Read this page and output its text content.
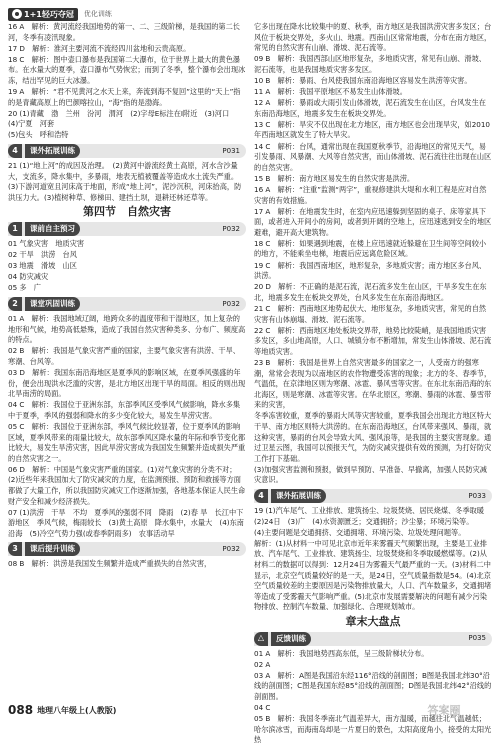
1+1轻巧夺冠 优化训练

16 A　解析：黄河流经我国地势的第一、二、三级阶梯，是我国的第二长河，冬季有凌汛现象。

17 D　解析：淮河主要河流不流经四川盆地和云贵高原。

18 C　解析：图中壶口瀑布是我国第二大瀑布，位于世界上最大的黄色瀑布。在水量大的夏季，壶口瀑布气势恢宏；而到了冬季，整个瀑布会出现冰冻，结出罕见的巨大冰瀑。

19 A　解析：“君不见黄河之水天上来，奔流到海不复回”这里的“天上”指的是青藏高原上的巴颜喀拉山，“海”指的是渤海。

20 (1)青藏　渤　兰州　汾河　渭河　(2)字母E标注在Ⅰ附近　(3)河口　(4)宁夏　河套

(5)包头　呼和浩特

4	课外拓展训练	P031

21 (1)“地上河”的成因及治理。　(2)黄河中游流经黄土高原，河水含沙量大，支流多，降水集中，多暴雨，地表无植被覆盖等造成水土流失严重。(3)下游河道宽且河床高于地面，形成“地上河”，泥沙沉积，河床抬高，防洪压力大。(3)植树种草、修梯田、建挡土坝，退耕还林还草等。

第四节　自然灾害
1	课前自主预习	P032

01 气象灾害　地质灾害

02 干旱　洪涝　台风

03 地震　滑坡　山区

04 防灾减灾

05 多　广

2	课堂巩固训练	P032

01 A　解析：我国地域辽阔，地跨众多的温度带和干湿地区，加上复杂的地形和气候，地势高低悬殊，造成了我国自然灾害种类多、分布广、频度高的特点。

02 B　解析：我国是气象灾害严重的国家，主要气象灾害有洪涝、干旱、寒潮、台风等。

03 D　解析：我国东南沿海地区是夏季风的影响区域，在夏季风强盛的年份，便会出现洪水泛滥的灾害，是北方地区出现干旱的局面。相反的则出现北旱南涝的局面。

04 C　解析：我国位于亚洲东部，东部季风区受季风气候影响，降水多集中于夏季，季风的强弱和降水的多少变化较大，易发生旱涝灾害。

05 C　解析：我国位于亚洲东部，季风气候比较显著，位于夏季风的影响区域，夏季风带来的雨量比较大，故东部季风区降水量的年际和季节变化都比较大，易发生旱涝灾害，因此旱涝灾害成为我国发生频繁并造成损失严重的自然灾害之一。

06 D　解析：中国是气象灾害严重的国家。(1)对气象灾害的分类不对；(2)近些年来我国加大了防灾减灾的力度，在监测预报、预防和救援等方面都做了大量工作，所以我国防灾减灾工作逐渐加强，各地基本保证人民生命财产安全和减少经济损失。

07 (1)洪涝　干旱　不均　夏季风的强弱不同　降雨　(2)春 旱　长江中下游地区　季风气候，梅雨较长　(3)黄土高原　降水集中，水量大　(4)东南沿海　(5)冷空气势力强(或春季阴雨多)　农事活动早

3	课后提升训练	P032

08 B　解析：洪涝是我国发生频繁并造成严重损失的自然灾害，

它多出现在降水比较集中的夏、秋季，南方地区是我国洪涝灾害多发区；台风位于板块交界处，多火山、地震。西南山区常常地震，分布在南方地区，常见的自然灾害有山崩、滑坡、泥石流等。

09 B　解析：我国西部山区地形复杂，多地质灾害，常见有山崩、滑坡、泥石流等，也是我国地质灾害多发区。

10 B　解析：暴雨、台风使我国东南沿海地区容易发生洪涝等灾害。

11 A　解析：我国平原地区不易发生山体滑坡。

12 A　解析：暴雨或大雨引发山体滑坡，泥石流发生在山区，台风发生在东南沿海地区，地震多发生在板块交界处。

13 C　解析：旱灾不仅出现在北方地区，南方地区也会出现旱灾，如2010年西南地区就发生了特大旱灾。

14 C　解析：台风，通常出现在我国夏秋季节，沿海地区的常见天气，易引发暴雨、风暴潮、大风等自然灾害，而山体滑坡、泥石流往往出现在山区的自然灾害。

15 B　解析：南方地区易发生的自然灾害是洪涝。

16 A　解析：“注重”监测“两字”，重视修建洪大堤和水利工程是应对自然灾害的有效措施。

17 A　解析：在地震发生时，在室内应迅速躲到坚固的桌子、床等家具下面，或者进入开间小的房间，或者到开阔的空地上，应迅速逃到安全的地区避难，避开高大建筑物。

18 C　解析：如果遇到地震，在楼上应迅速就近躲避在卫生间等空间较小的地方，不能乘坐电梯，地震后应远离危险区域。

19 C　解析：我国西南地区，地形复杂，多地质灾害；南方地区多台风、洪涝。

20 D　解析：不正确的是泥石流，泥石流多发生在山区，干旱多发生在东北，地震多发生在板块交界处，台风多发生在东南沿海地区。

21 C　解析：西南地区地势起伏大、地形复杂，多地质灾害，常见的自然灾害有山体崩塌、滑坡、泥石流等。

22 C　解析：西南地区地处板块交界带，地势比较陡峭，是我国地质灾害多发区，多山地高原，人口、城镇分布不断增加，常发生山体滑坡、泥石流等地质灾害。

23 B　解析：我国是世界上自然灾害最多的国家之一，人受南方的强寒潮，常常会表现为以南地区的农作物遭受冻害的现象；北方的冬、春季节，气温低，在京津地区则为寒潮、冰雹、暴风雪等灾害。在东北东南沿海的东北海区，则是寒潮、冰雹等灾害。在华北原区，寒潮、暴雨的冰雹、暴雪带来的灾害，

冬季冻害较重，夏季的暴雨大风等灾害较重，夏季我国会出现北方地区特大干旱、南方地区则特大洪涝的。在东南沿海地区，台风带来强风、暴雨，就这种灾害，暴雨的台风会导致大风、强风浪等，是我国的主要灾害现象。通过卫星云图，我国可以预报天气，为防灾减灾提供有效的预测，为打好防灾工作打下基础。

(3)加强灾害监测和预报，做到早预防、早准备、早撤离，加强人民防灾减灾意识。

4	课外拓展训练	P033

19 (1)汽车尾气、工业排放、建筑扬尘、垃圾焚烧、居民烧煤、冬季取暖　(2)24日　(3)广　(4)水资源匮乏；交通拥挤；沙尘暴；环境污染等。

(4)主要问题是交通拥挤、交通拥堵、环境污染、垃圾处理问题等。

解析：(1)从材料一中可见北京市近年来雾霾天气频繁出现，主要是工业排放、汽车尾气、工业排放、建筑扬尘、垃圾焚烧和冬季取暖燃煤等。(2)从材料二的数据可以得到：12月24日为雾霾天气最严重的一天。(3)材料二中显示，北京空气质量较好的是一天，是24日，空气质量指数是54。(4)北京空气质量较差的主要原因是污染物排放量大，人口、汽车数量多，交通拥堵等造成了受雾霾天气影响严重。(5)北京市发展需要解决的问题有减少污染物排放、控制汽车数量、加强绿化、合理规划城市。

章末大盘点
△	反馈训练	P035

01 A　解析：我国地势西高东低，呈三级阶梯状分布。

02 A

03 A　解析：A图是我国沿东经116°沿线的剖面图；B图是我国北纬30°沿线的剖面图；C图是我国东经85°沿线的剖面图；D图是我国北纬42°沿线的剖面图。

04 C

05 B　解析：我国冬季南北气温差异大，南方温暖，而越往北气温越低；哈尔滨冰雪，而海南岛却是一片夏日的景色，太阳高度角小，接受的太阳光热

088 地理八年级上(人教版)	答案圈
